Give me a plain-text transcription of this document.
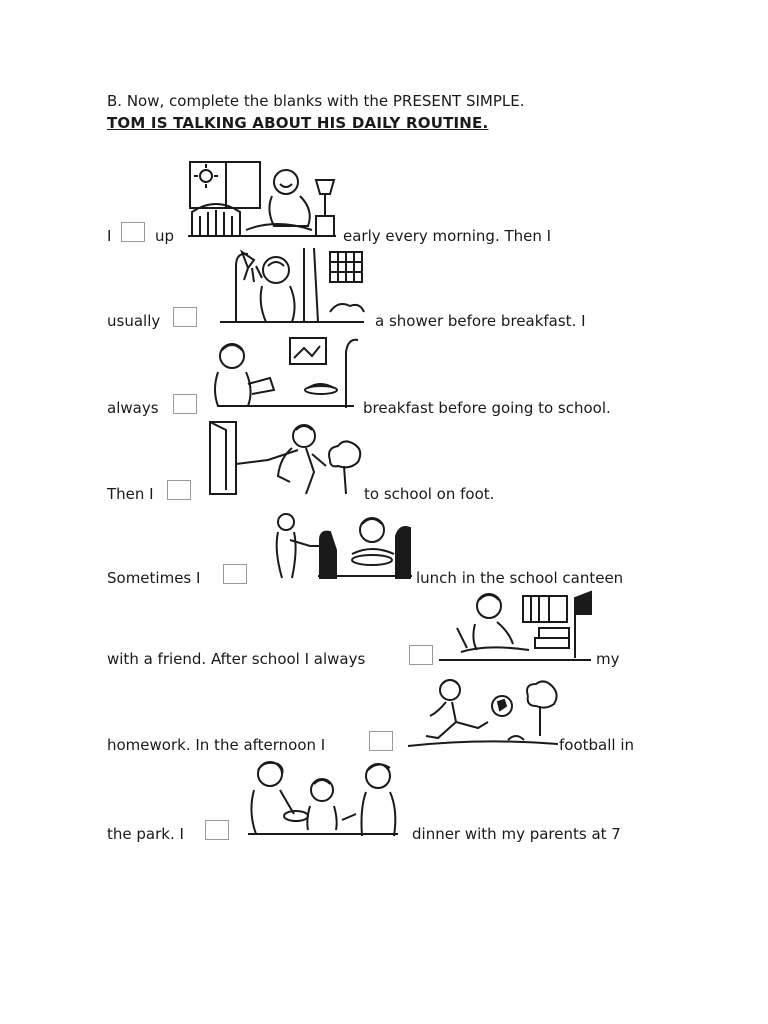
B. Now, complete the blanks with the PRESENT SIMPLE.
TOM IS TALKING ABOUT HIS DAILY ROUTINE.
I	up	early every morning. Then I
usually	a shower before breakfast. I
always	breakfast before going to school.
Then I	to school on foot.
Sometimes I	lunch in the school canteen
with a friend. After school I always	my
homework. In the afternoon I	football in
the park. I	dinner with my parents at 7
